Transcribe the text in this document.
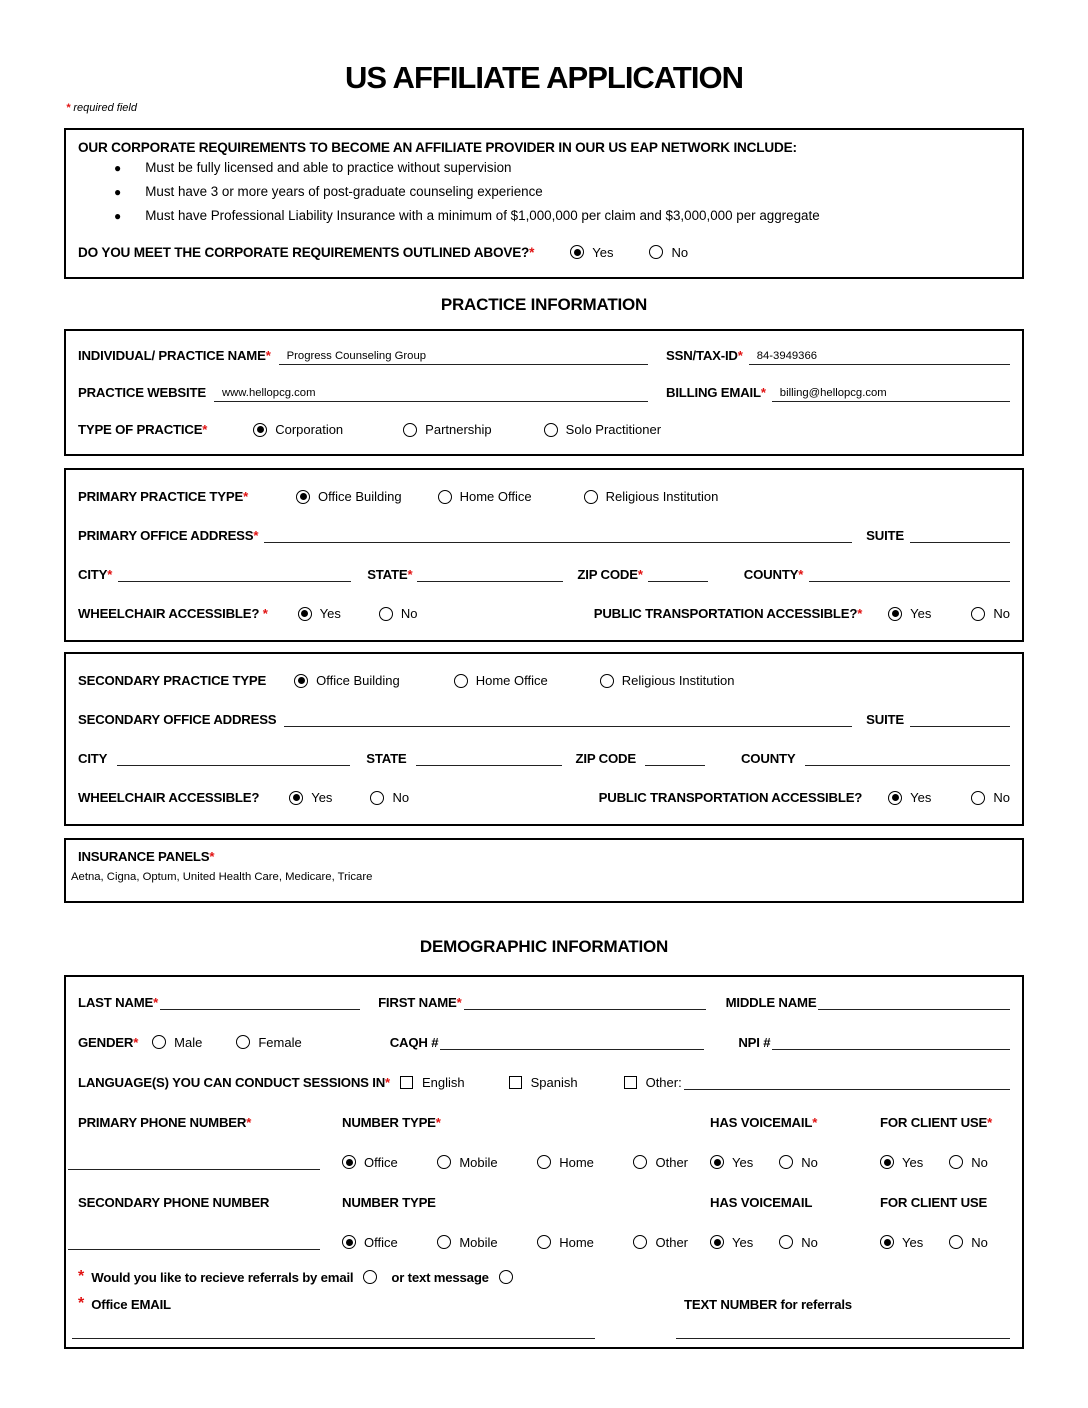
US AFFILIATE APPLICATION
* required field
OUR CORPORATE REQUIREMENTS TO BECOME AN AFFILIATE PROVIDER IN OUR US EAP NETWORK INCLUDE:
● Must be fully licensed and able to practice without supervision
● Must have 3 or more years of post-graduate counseling experience
● Must have Professional Liability Insurance with a minimum of $1,000,000 per claim and $3,000,000 per aggregate
DO YOU MEET THE CORPORATE REQUIREMENTS OUTLINED ABOVE?*	Yes	No
PRACTICE INFORMATION
INDIVIDUAL/ PRACTICE NAME*	Progress Counseling Group	SSN/TAX-ID*	84-3949366
PRACTICE WEBSITE	www.hellopcg.com	BILLING EMAIL*	billing@hellopcg.com
TYPE OF PRACTICE*	Corporation	Partnership	Solo Practitioner
PRIMARY PRACTICE TYPE*	Office Building	Home Office	Religious Institution
PRIMARY OFFICE ADDRESS*	SUITE
CITY*	STATE*	ZIP CODE*	COUNTY*
WHEELCHAIR ACCESSIBLE? *	Yes	No	PUBLIC TRANSPORTATION ACCESSIBLE?*	Yes	No
SECONDARY PRACTICE TYPE	Office Building	Home Office	Religious Institution
SECONDARY OFFICE ADDRESS	SUITE
CITY	STATE	ZIP CODE	COUNTY
WHEELCHAIR ACCESSIBLE?	Yes	No	PUBLIC TRANSPORTATION ACCESSIBLE?	Yes	No
INSURANCE PANELS*
Aetna, Cigna, Optum, United Health Care, Medicare, Tricare
DEMOGRAPHIC INFORMATION
LAST NAME*	FIRST NAME*	MIDDLE NAME
GENDER*	Male	Female	CAQH #	NPI #
LANGUAGE(S) YOU CAN CONDUCT SESSIONS IN* English	Spanish	Other:
PRIMARY PHONE NUMBER*	NUMBER TYPE*	HAS VOICEMAIL*	FOR CLIENT USE*
Office	Mobile	Home	Other	Yes	No	Yes	No
SECONDARY PHONE NUMBER	NUMBER TYPE	HAS VOICEMAIL	FOR CLIENT USE
Office	Mobile	Home	Other	Yes	No	Yes	No
* Would you like to recieve referrals by email	or text message
* Office EMAIL	TEXT NUMBER for referrals
